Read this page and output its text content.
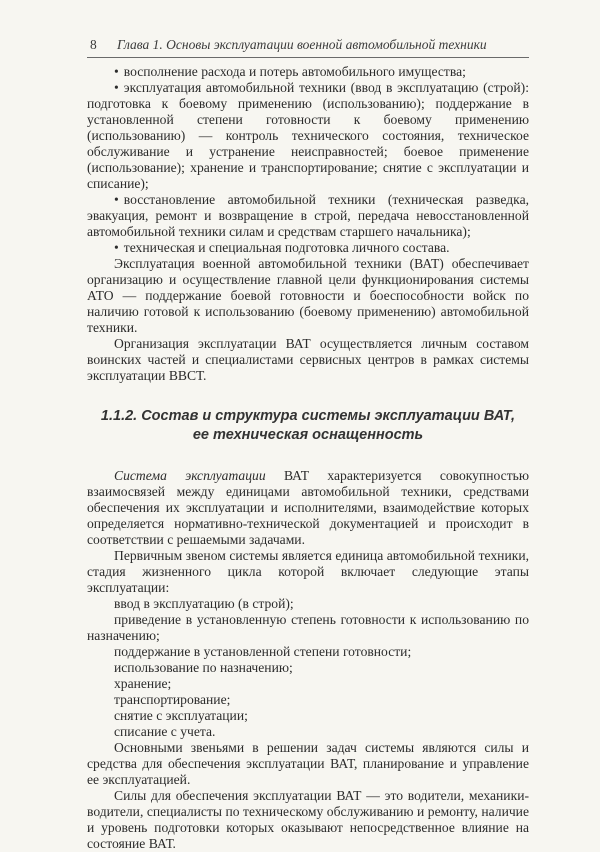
8 Глава 1. Основы эксплуатации военной автомобильной техники

• восполнение расхода и потерь автомобильного имущества;

• эксплуатация автомобильной техники (ввод в эксплуатацию (строй): подготовка к боевому применению (использованию); поддержание в установленной степени готовности к боевому применению (использованию) — контроль технического состояния, техническое обслуживание и устранение неисправностей; боевое применение (использование); хранение и транспортирование; снятие с эксплуатации и списание);

• восстановление автомобильной техники (техническая разведка, эвакуация, ремонт и возвращение в строй, передача невосстановленной автомобильной техники силам и средствам старшего начальника);

• техническая и специальная подготовка личного состава.

Эксплуатация военной автомобильной техники (ВАТ) обеспечивает организацию и осуществление главной цели функционирования системы АТО — поддержание боевой готовности и боеспособности войск по наличию готовой к использованию (боевому применению) автомобильной техники.

Организация эксплуатации ВАТ осуществляется личным составом воинских частей и специалистами сервисных центров в рамках системы эксплуатации ВВСТ.

1.1.2. Состав и структура системы эксплуатации ВАТ,
ее техническая оснащенность

Система эксплуатации ВАТ характеризуется совокупностью взаимосвязей между единицами автомобильной техники, средствами обеспечения их эксплуатации и исполнителями, взаимодействие которых определяется нормативно-технической документацией и происходит в соответствии с решаемыми задачами.

Первичным звеном системы является единица автомобильной техники, стадия жизненного цикла которой включает следующие этапы эксплуатации:

ввод в эксплуатацию (в строй);

приведение в установленную степень готовности к использованию по назначению;

поддержание в установленной степени готовности;

использование по назначению;

хранение;

транспортирование;

снятие с эксплуатации;

списание с учета.

Основными звеньями в решении задач системы являются силы и средства для обеспечения эксплуатации ВАТ, планирование и управление ее эксплуатацией.

Силы для обеспечения эксплуатации ВАТ — это водители, механики-водители, специалисты по техническому обслуживанию и ремонту, наличие и уровень подготовки которых оказывают непосредственное влияние на состояние ВАТ.
